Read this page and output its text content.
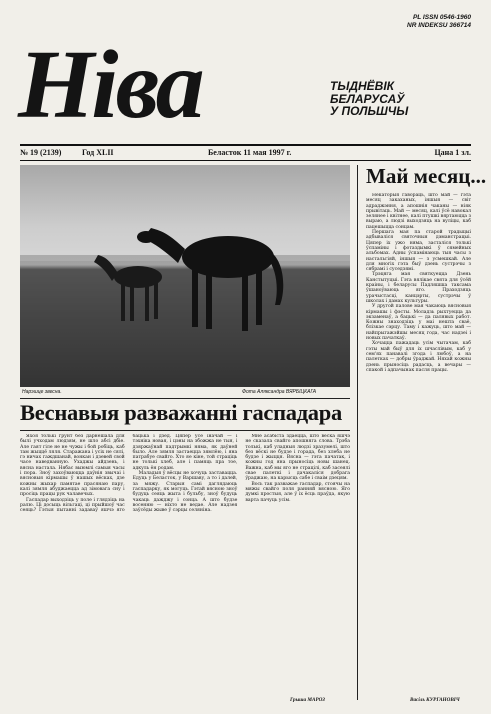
PL ISSN 0546-1960
NR INDEKSU 366714
Ніва	ТЫДНЁВІК
БЕЛАРУСАЎ
У ПОЛЬШЧЫ
№ 19 (2139)	Год XLII	Беласток 11 мая 1997 г.	Цана 1 зл.
Нарэшце звесна.	Фота Аляксандра ВЯРБІЦКАГА
Веснавыя разважанні гаспадара

Яхоя толькі грунт без дарнешала для былі учходам людзям, не шло абсі дбіе. Але гаят гіле не не чужы і бой робіць, каб там жыццё ляля. Старажана і усіх не сялі, гэ ничах гаждшанай, вонкан і дзевей свой часе наведванную. Ухаджы айдзень, і вясна настала. Нябас выюмлі самыя часы і пора. Зноў захоўваюцца даўнія звычаі і вясновыя кірмашы ў нашых вёсках, дзе кожны жыхар памятае прасянаю пару, калі зямля абуджаецца ад зімовага сну і просіць працы рук чалавечых.

Гаспадар выходзіць у поле і глядзіць на ралю. Ці досыць вільгаці, ці прыйшоў час сеяць? Гэтыя пытанні задаваў яшчэ яго бацька і дзед. Цяпер усё іначай — і тэхніка новая, і цэны на збожжа не тыя, і дзяржаўнай падтрымкі няма, як даўней было. Але зямля застаецца зямлёю, і яна патрабуе свайго. Хто яе кіне, той страціць не толькі хлеб, але і памяць пра тое, адкуль ён родам.

Маладыя ў вёсцы не хочуць заставацца. Едуць у Беласток, у Варшаву, а то і далей, за мяжу. Старыя самі даглядаюць гаспадарку, як могуць. Гэтай вясною зноў будуць сеяць жыта і бульбу, зноў будуць чакаць дажджу і сонца. А што будзе восенню — ніхто не ведае. Але надзея заўсёды жыве ў сэрцы селяніна.

Мне асабіста здаецца, што вёска яшчэ не сказала свайго апошняга слова. Трэба толькі, каб уладныя людзі зразумелі, што без вёскі не будзе і горада, без хлеба не будзе і жыцця. Вясна — гэта пачатак, і кожны год яна прыносіць новы шанец. Важна, каб мы яго не страцілі, каб засеялі свае палеткі і дачакаліся добрага ўраджаю, на карысць сабе і сваім дзецям.

Вось так разважае гаспадар, стоячы на мяжы свайго поля ранняй вясною. Яго думкі простыя, але ў іх ёсць праўда, якую варта пачуць усім.

Грыша МАРОЗ
Май месяц...

Некаторыя гавораць, што май — гэта месяц закаханых, іншыя — світ адраджэння, а апошнія чаканы — ніяк прывітаць. Май — месяц, калі ўсё навокал зелянее і квітнее, калі птушкі вяртаюцца з выраю, а людзі выходзяць на вуліцы, каб пацешыцца сонцам.

Першага мая па старой традыцыі адбываліся святочныя дэманстрацыі. Цяпер іх ужо няма, засталіся толькі ўспаміны і фотаздымкі ў сямейных альбомах. Адны ўспамінаюць тыя часы з настальгіяй, іншыя — з усмешкай. Але для многіх гэта быў дзень сустрэчы з сябрамі і суседзямі.

Трэцяга мая святкуецца Дзень Канстытуцыі. Гэта вялікае свята для ўсёй краіны, і беларусы Падляшша таксама ўшаноўваюць яго. Праходзяць урачыстасці, канцэрты, сустрэчы ў школах і дамах культуры.

У другой палове мая чакаюць вясновыя кірмашы і фэсты. Моладзь рыхтуецца да экзаменаў, а бацькі — да палявых работ. Кожны знаходзіць у маі нешта сваё, блізкае сэрцу. Таму і кажуць, што май — найпрыгажэйшы месяц года, час надзеі і новых пачаткаў.

Хочацца пажадаць усім чытачам, каб гэты май быў для іх шчаслівым, каб у сем'ях панавалі згода і любоў, а на палетках — добры ўраджай. Няхай кожны дзень прыносіць радасць, а вечары — спакой і адпачынак пасля працы.

Васіль КУРГАНОВІЧ
